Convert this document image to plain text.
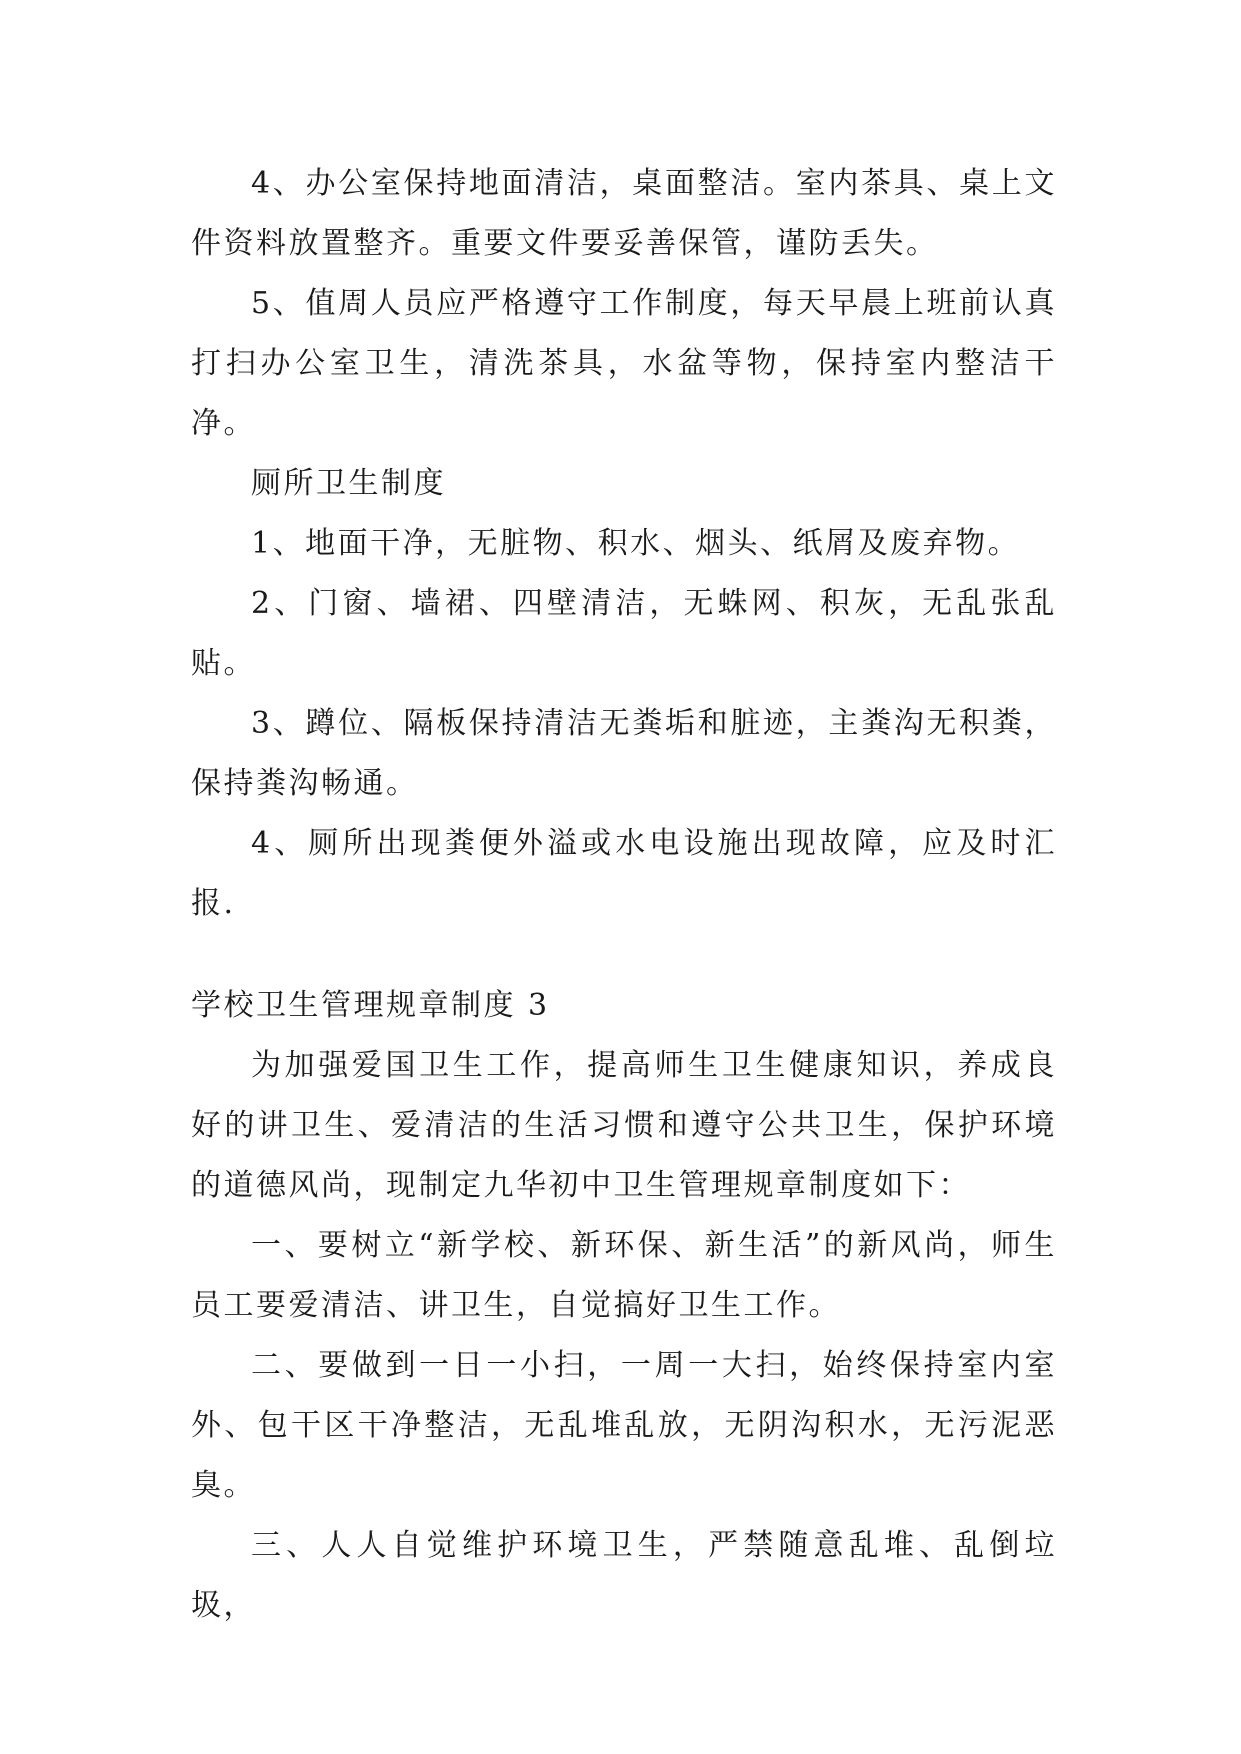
4、办公室保持地面清洁，桌面整洁。室内茶具、桌上文件资料放置整齐。重要文件要妥善保管，谨防丢失。

5、值周人员应严格遵守工作制度，每天早晨上班前认真打扫办公室卫生，清洗茶具，水盆等物，保持室内整洁干净。

厕所卫生制度

1、地面干净，无脏物、积水、烟头、纸屑及废弃物。

2、门窗、墙裙、四壁清洁，无蛛网、积灰，无乱张乱贴。

3、蹲位、隔板保持清洁无粪垢和脏迹，主粪沟无积粪，保持粪沟畅通。

4、厕所出现粪便外溢或水电设施出现故障，应及时汇报.

学校卫生管理规章制度 3

为加强爱国卫生工作，提高师生卫生健康知识，养成良好的讲卫生、爱清洁的生活习惯和遵守公共卫生，保护环境的道德风尚，现制定九华初中卫生管理规章制度如下：

一、要树立“新学校、新环保、新生活”的新风尚，师生员工要爱清洁、讲卫生，自觉搞好卫生工作。

二、要做到一日一小扫，一周一大扫，始终保持室内室外、包干区干净整洁，无乱堆乱放，无阴沟积水，无污泥恶臭。

三、人人自觉维护环境卫生，严禁随意乱堆、乱倒垃圾，
